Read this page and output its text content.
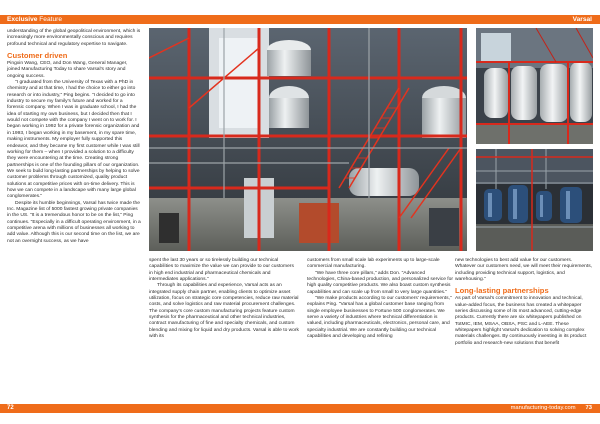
Exclusive Feature	Varsal
72	manufacturing-today.com 73

understanding of the global geopolitical environment, which is increasingly more environmentally conscious and requires profound technical and regulatory expertise to navigate.

Customer driven

Pingxin Wang, CEO, and Don Wang, General Manager, joined Manufacturing Today to share Varsal's story and ongoing success.

"I graduated from the University of Texas with a PhD in chemistry and at that time, I had the choice to either go into research or into industry," Ping begins. "I decided to go into industry to secure my family's future and worked for a forensic company. When I was in graduate school, I had the idea of starting my own business, but I decided then that I would not compete with the company I went on to work for. I began working in 1992 for a private forensic organization and in 1993, I began working in my basement, in my spare time, making instruments. My employer fully supported this endeavor, and they became my first customer while I was still working for them – when I provided a solution to a difficulty they were encountering at the time. Creating strong partnerships is one of the founding pillars of our organization. We seek to build long-lasting partnerships by helping to solve customer problems through customized, quality product solutions at competitive prices with on-time delivery. This is how we can compete in a landscape with many large global conglomerates."

Despite its humble beginnings, Varsal has twice made the Inc. Magazine list of 5000 fastest growing private companies in the US. "It is a tremendous honor to be on the list," Ping continues. "Especially in a difficult operating environment, in a competitive arena with millions of businesses all working to add value. Although this is our second time on the list, we are not an overnight success, as we have

spent the last 30 years or so tirelessly building our technical capabilities to maximize the value we can provide to our customers in high end industrial and pharmaceutical chemicals and intermediates applications."

Through its capabilities and experience, Varsal acts as an integrated supply chain partner, enabling clients to optimize asset utilization, focus on strategic core competencies, reduce raw material costs, and solve logistics and raw material procurement challenges. The company's core custom manufacturing projects feature custom synthesis for the pharmaceutical and other technical industries, contract manufacturing of fine and specialty chemicals, and custom blending and mixing for liquid and dry products. Varsal is able to work with its

customers from small scale lab experiments up to large-scale commercial manufacturing.

"We have three core pillars," adds Don. "Advanced technologies, China-based production, and personalized service for high quality competitive products. We also boast custom synthesis capabilities and can scale up from small to very large quantities."

"We make products according to our customers' requirements," explains Ping. "Varsal has a global customer base ranging from single employee businesses to Fortune 500 conglomerates. We serve a variety of industries where technical differentiation is valued, including pharmaceuticals, electronics, personal care, and specialty industrial. We are constantly building our technical capabilities and developing and refining

new technologies to best add value for our customers. Whatever our customers need, we will meet their requirements, including providing technical support, logistics, and warehousing."

Long-lasting partnerships

As part of Varsal's commitment to innovation and technical, value-added focus, the business has created a whitepaper series discussing some of its most advanced, cutting-edge products. Currently there are six whitepapers published on TotMIC, IEM, MSAA, OBSA, PSC and L-AEE. These whitepapers highlight Varsal's dedication to solving complex materials challenges. By continuously investing in its product portfolio and research-new solutions that benefit
